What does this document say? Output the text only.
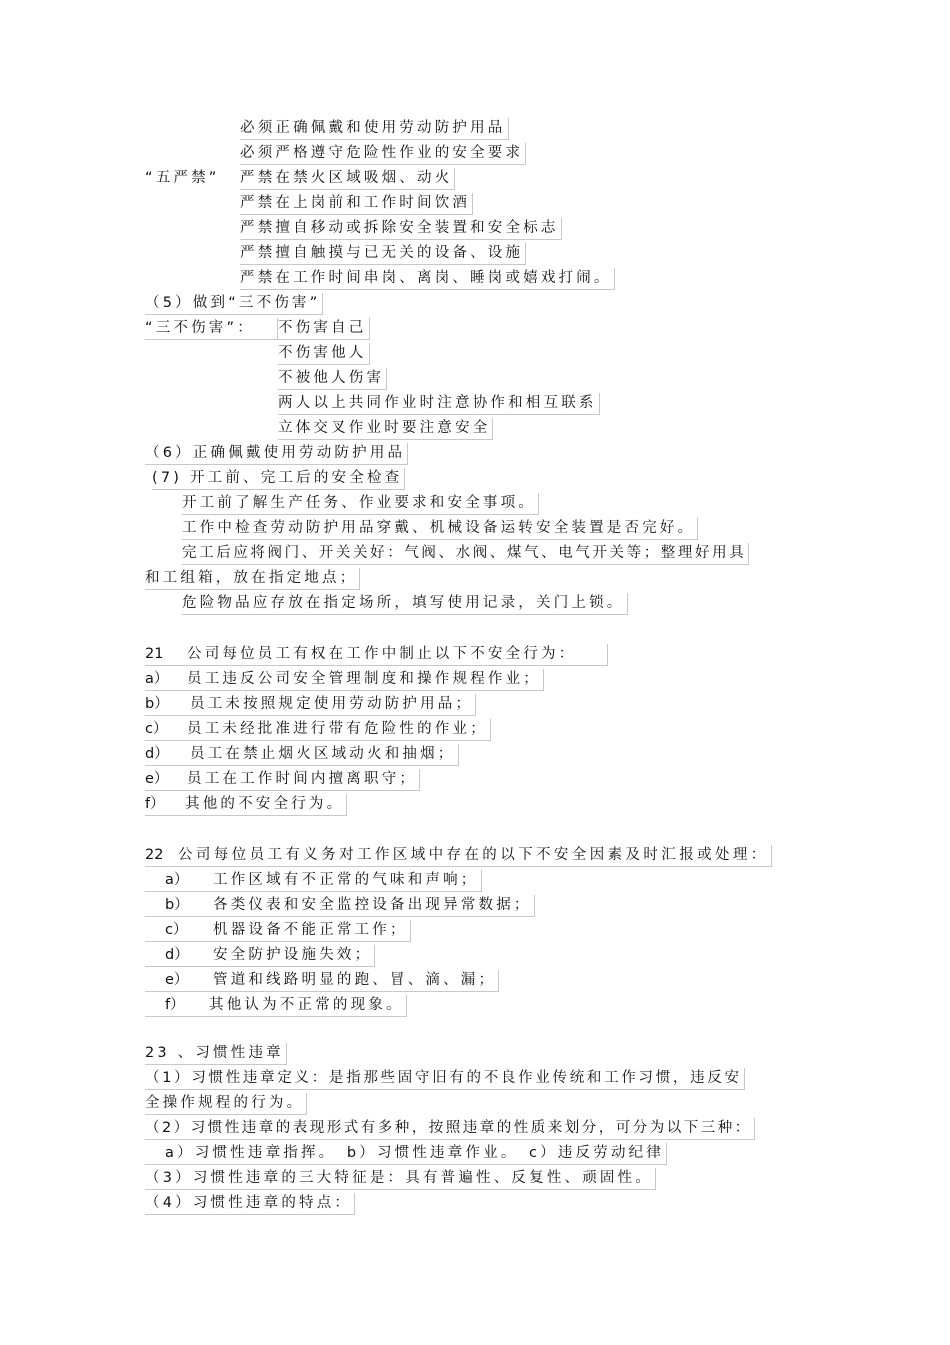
必须正确佩戴和使用劳动防护用品
必须严格遵守危险性作业的安全要求
“五严禁” 严禁在禁火区域吸烟、动火
严禁在上岗前和工作时间饮酒
严禁擅自移动或拆除安全装置和安全标志
严禁擅自触摸与已无关的设备、设施
严禁在工作时间串岗、离岗、睡岗或嬉戏打闹。
（5）做到“三不伤害”
“三不伤害”：	不伤害自己
不伤害他人
不被他人伤害
两人以上共同作业时注意协作和相互联系
立体交叉作业时要注意安全
（6）正确佩戴使用劳动防护用品
(7) 开工前、完工后的安全检查
开工前了解生产任务、作业要求和安全事项。
工作中检查劳动防护用品穿戴、机械设备运转安全装置是否完好。
完工后应将阀门、开关关好：气阀、水阀、煤气、电气开关等；整理好用具
和工组箱，放在指定地点；
危险物品应存放在指定场所，填写使用记录，关门上锁。
21 公司每位员工有权在工作中制止以下不安全行为：
a） 员工违反公司安全管理制度和操作规程作业；
b） 员工未按照规定使用劳动防护用品；
c） 员工未经批准进行带有危险性的作业；
d） 员工在禁止烟火区域动火和抽烟；
e） 员工在工作时间内擅离职守；
f） 其他的不安全行为。
22 公司每位员工有义务对工作区域中存在的以下不安全因素及时汇报或处理：
a） 工作区域有不正常的气味和声响；
b） 各类仪表和安全监控设备出现异常数据；
c） 机器设备不能正常工作；
d） 安全防护设施失效；
e） 管道和线路明显的跑、冒、滴、漏；
f） 其他认为不正常的现象。
23 、习惯性违章
（1）习惯性违章定义：是指那些固守旧有的不良作业传统和工作习惯，违反安
全操作规程的行为。
（2）习惯性违章的表现形式有多种，按照违章的性质来划分，可分为以下三种：
a）习惯性违章指挥。　b）习惯性违章作业。　c）违反劳动纪律
（3）习惯性违章的三大特征是：具有普遍性、反复性、顽固性。
（4）习惯性违章的特点：
